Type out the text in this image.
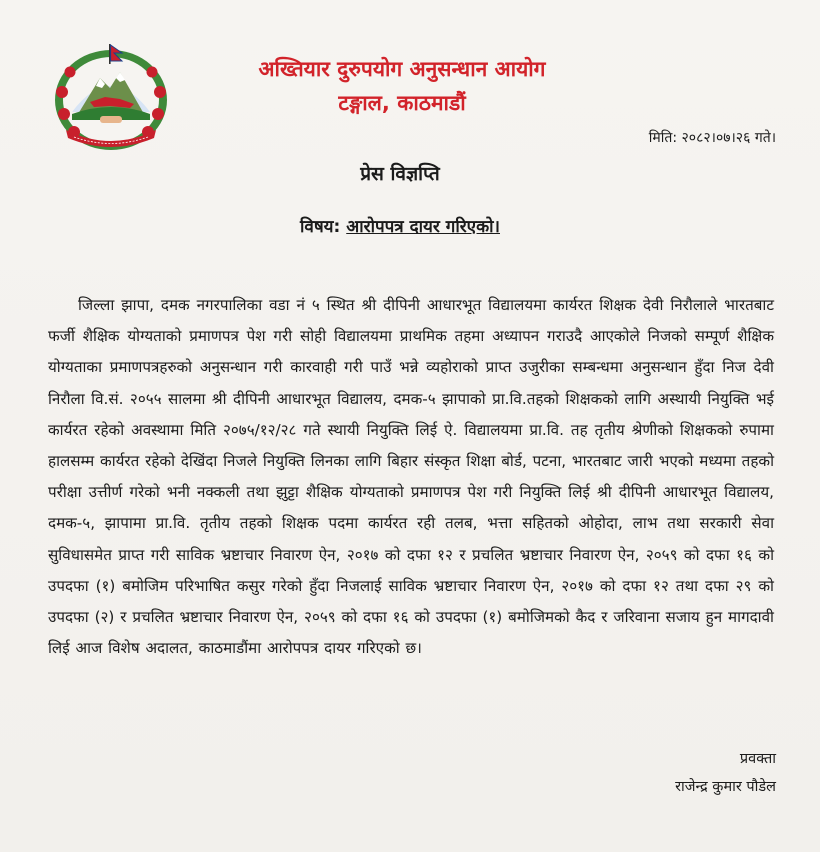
अख्तियार दुरुपयोग अनुसन्धान आयोग
टङ्गाल, काठमाडौं
मिति: २०८२।०७।२६ गते।
प्रेस विज्ञप्ति
विषय: आरोपपत्र दायर गरिएको।

जिल्ला झापा, दमक नगरपालिका वडा नं ५ स्थित श्री दीपिनी आधारभूत विद्यालयमा कार्यरत शिक्षक देवी निरौलाले भारतबाट फर्जी शैक्षिक योग्यताको प्रमाणपत्र पेश गरी सोही विद्यालयमा प्राथमिक तहमा अध्यापन गराउदै आएकोले निजको सम्पूर्ण शैक्षिक योग्यताका प्रमाणपत्रहरुको अनुसन्धान गरी कारवाही गरी पाउँ भन्ने व्यहोराको प्राप्त उजुरीका सम्बन्धमा अनुसन्धान हुँदा निज देवी निरौला वि.सं. २०५५ सालमा श्री दीपिनी आधारभूत विद्यालय, दमक-५ झापाको प्रा.वि.तहको शिक्षकको लागि अस्थायी नियुक्ति भई कार्यरत रहेको अवस्थामा मिति २०७५/१२/२८ गते स्थायी नियुक्ति लिई ऐ. विद्यालयमा प्रा.वि. तह तृतीय श्रेणीको शिक्षकको रुपामा हालसम्म कार्यरत रहेको देखिंदा निजले नियुक्ति लिनका लागि बिहार संस्कृत शिक्षा बोर्ड, पटना, भारतबाट जारी भएको मध्यमा तहको परीक्षा उत्तीर्ण गरेको भनी नक्कली तथा झुट्टा शैक्षिक योग्यताको प्रमाणपत्र पेश गरी नियुक्ति लिई श्री दीपिनी आधारभूत विद्यालय, दमक-५, झापामा प्रा.वि. तृतीय तहको शिक्षक पदमा कार्यरत रही तलब, भत्ता सहितको ओहोदा, लाभ तथा सरकारी सेवा सुविधासमेत प्राप्त गरी साविक भ्रष्टाचार निवारण ऐन, २०१७ को दफा १२ र प्रचलित भ्रष्टाचार निवारण ऐन, २०५९ को दफा १६ को उपदफा (१) बमोजिम परिभाषित कसुर गरेको हुँदा निजलाई साविक भ्रष्टाचार निवारण ऐन, २०१७ को दफा १२ तथा दफा २९ को उपदफा (२) र प्रचलित भ्रष्टाचार निवारण ऐन, २०५९ को दफा १६ को उपदफा (१) बमोजिमको कैद र जरिवाना सजाय हुन मागदावी लिई आज विशेष अदालत, काठमाडौंमा आरोपपत्र दायर गरिएको छ।

प्रवक्ता
राजेन्द्र कुमार पौडेल
